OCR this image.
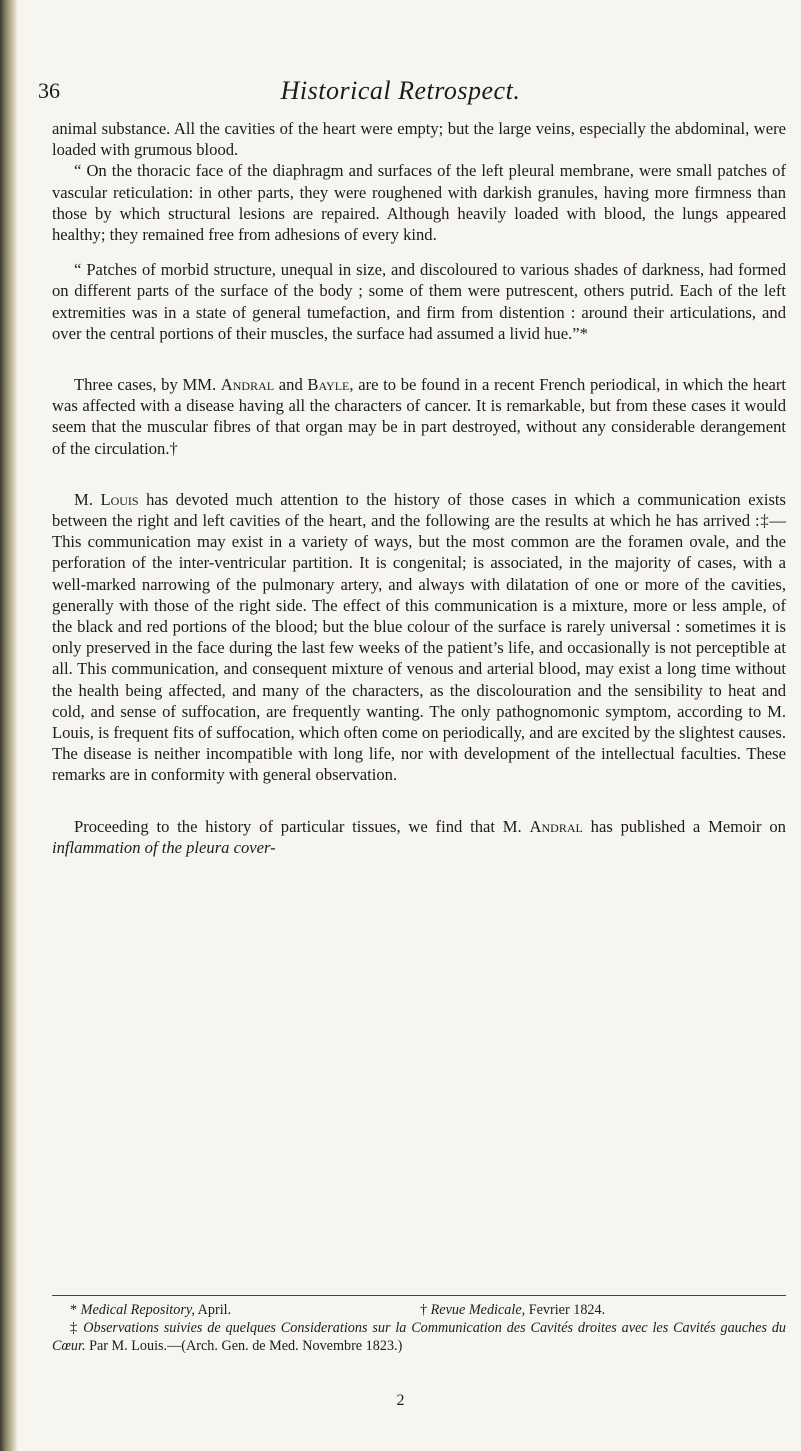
36	Historical Retrospect.

animal substance. All the cavities of the heart were empty; but the large veins, especially the abdominal, were loaded with grumous blood.

“ On the thoracic face of the diaphragm and surfaces of the left pleural membrane, were small patches of vascular reticulation: in other parts, they were roughened with darkish granules, having more firmness than those by which structural lesions are repaired. Although heavily loaded with blood, the lungs appeared healthy; they remained free from adhesions of every kind.

“ Patches of morbid structure, unequal in size, and discoloured to various shades of darkness, had formed on different parts of the surface of the body ; some of them were putrescent, others putrid. Each of the left extremities was in a state of general tumefaction, and firm from distention : around their articulations, and over the central portions of their muscles, the surface had assumed a livid hue.”*

Three cases, by MM. Andral and Bayle, are to be found in a recent French periodical, in which the heart was affected with a disease having all the characters of cancer. It is remarkable, but from these cases it would seem that the muscular fibres of that organ may be in part destroyed, without any considerable derangement of the circulation.†

M. Louis has devoted much attention to the history of those cases in which a communication exists between the right and left cavities of the heart, and the following are the results at which he has arrived :‡— This communication may exist in a variety of ways, but the most common are the foramen ovale, and the perforation of the inter-ventricular partition. It is congenital; is associated, in the majority of cases, with a well-marked narrowing of the pulmonary artery, and always with dilatation of one or more of the cavities, generally with those of the right side. The effect of this communication is a mixture, more or less ample, of the black and red portions of the blood; but the blue colour of the surface is rarely universal : sometimes it is only preserved in the face during the last few weeks of the patient’s life, and occasionally is not perceptible at all. This communication, and consequent mixture of venous and arterial blood, may exist a long time without the health being affected, and many of the characters, as the discolouration and the sensibility to heat and cold, and sense of suffocation, are frequently wanting. The only pathognomonic symptom, according to M. Louis, is frequent fits of suffocation, which often come on periodically, and are excited by the slightest causes. The disease is neither incompatible with long life, nor with development of the intellectual faculties. These remarks are in conformity with general observation.

Proceeding to the history of particular tissues, we find that M. Andral has published a Memoir on inflammation of the pleura cover-

* Medical Repository, April.	† Revue Medicale, Fevrier 1824.

‡ Observations suivies de quelques Considerations sur la Communication des Cavités droites avec les Cavités gauches du Cœur. Par M. Louis.—(Arch. Gen. de Med. Novembre 1823.)

2
